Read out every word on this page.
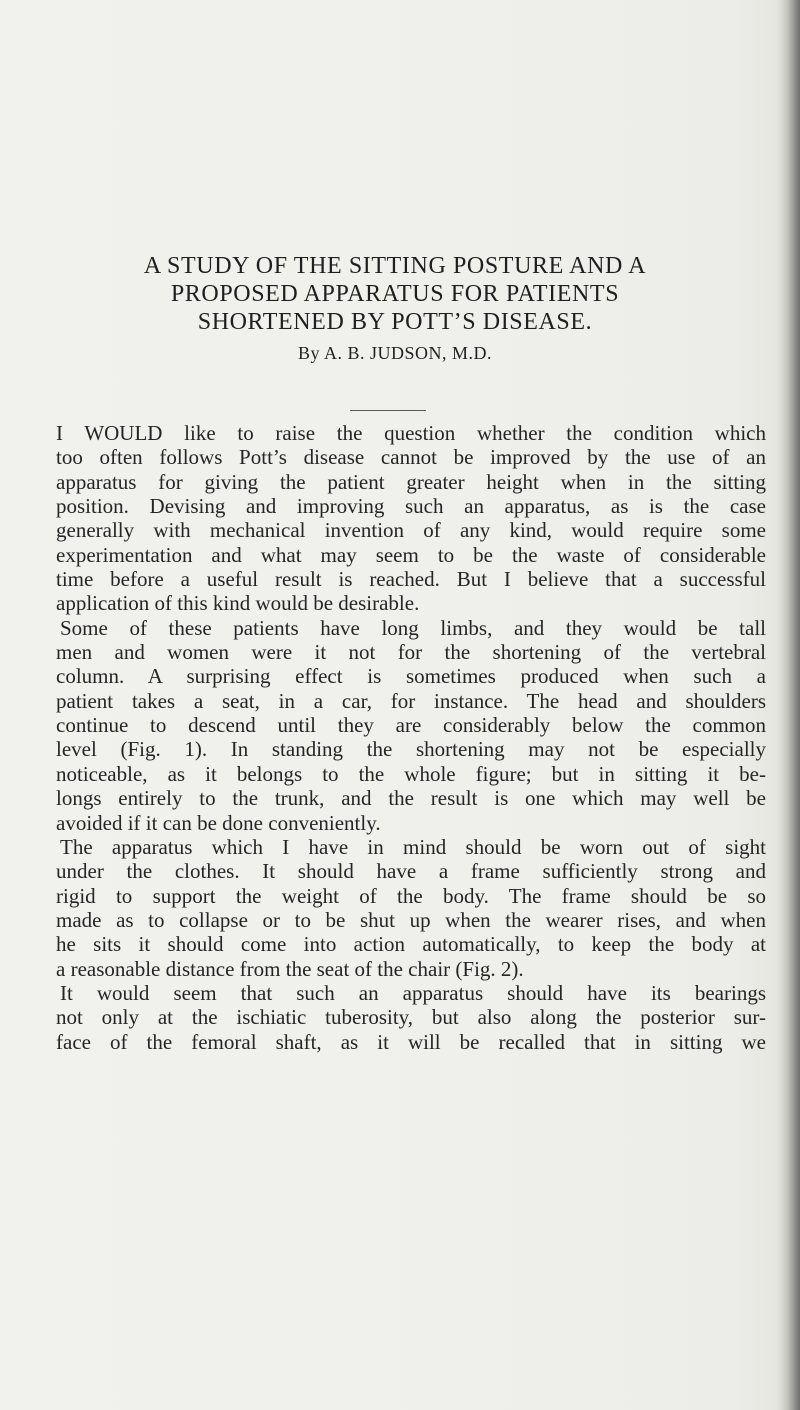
A STUDY OF THE SITTING POSTURE AND A
PROPOSED APPARATUS FOR PATIENTS
SHORTENED BY POTT’S DISEASE.

By A. B. JUDSON, M.D.

I WOULD like to raise the question whether the condition which
too often follows Pott’s disease cannot be improved by the use of an
apparatus for giving the patient greater height when in the sitting
position. Devising and improving such an apparatus, as is the case
generally with mechanical invention of any kind, would require some
experimentation and what may seem to be the waste of considerable
time before a useful result is reached. But I believe that a successful
application of this kind would be desirable.

Some of these patients have long limbs, and they would be tall
men and women were it not for the shortening of the vertebral
column. A surprising effect is sometimes produced when such a
patient takes a seat, in a car, for instance. The head and shoulders
continue to descend until they are considerably below the common
level (Fig. 1). In standing the shortening may not be especially
noticeable, as it belongs to the whole figure; but in sitting it be-
longs entirely to the trunk, and the result is one which may well be
avoided if it can be done conveniently.

The apparatus which I have in mind should be worn out of sight
under the clothes. It should have a frame sufficiently strong and
rigid to support the weight of the body. The frame should be so
made as to collapse or to be shut up when the wearer rises, and when
he sits it should come into action automatically, to keep the body at
a reasonable distance from the seat of the chair (Fig. 2).

It would seem that such an apparatus should have its bearings
not only at the ischiatic tuberosity, but also along the posterior sur-
face of the femoral shaft, as it will be recalled that in sitting we
